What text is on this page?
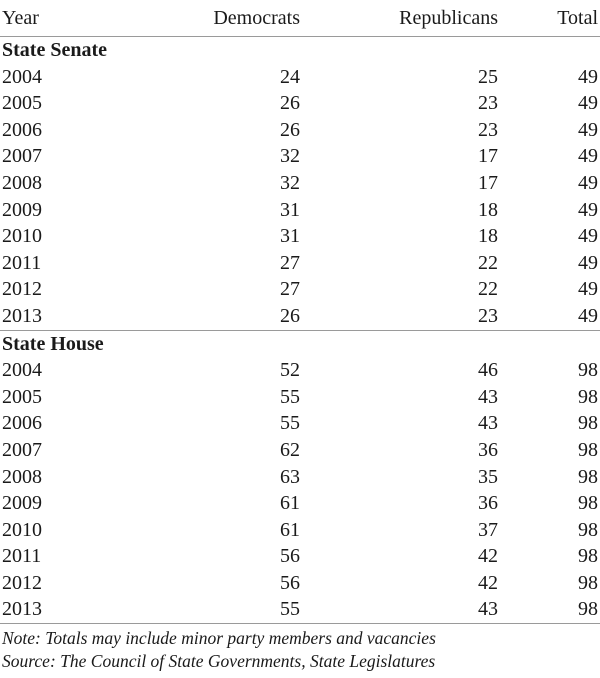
Year	Democrats	Republicans	Total
State Senate			
2004	24	25	49
2005	26	23	49
2006	26	23	49
2007	32	17	49
2008	32	17	49
2009	31	18	49
2010	31	18	49
2011	27	22	49
2012	27	22	49
2013	26	23	49
State House			
2004	52	46	98
2005	55	43	98
2006	55	43	98
2007	62	36	98
2008	63	35	98
2009	61	36	98
2010	61	37	98
2011	56	42	98
2012	56	42	98
2013	55	43	98
Note: Totals may include minor party members and vacancies
Source: The Council of State Governments, State Legislatures
